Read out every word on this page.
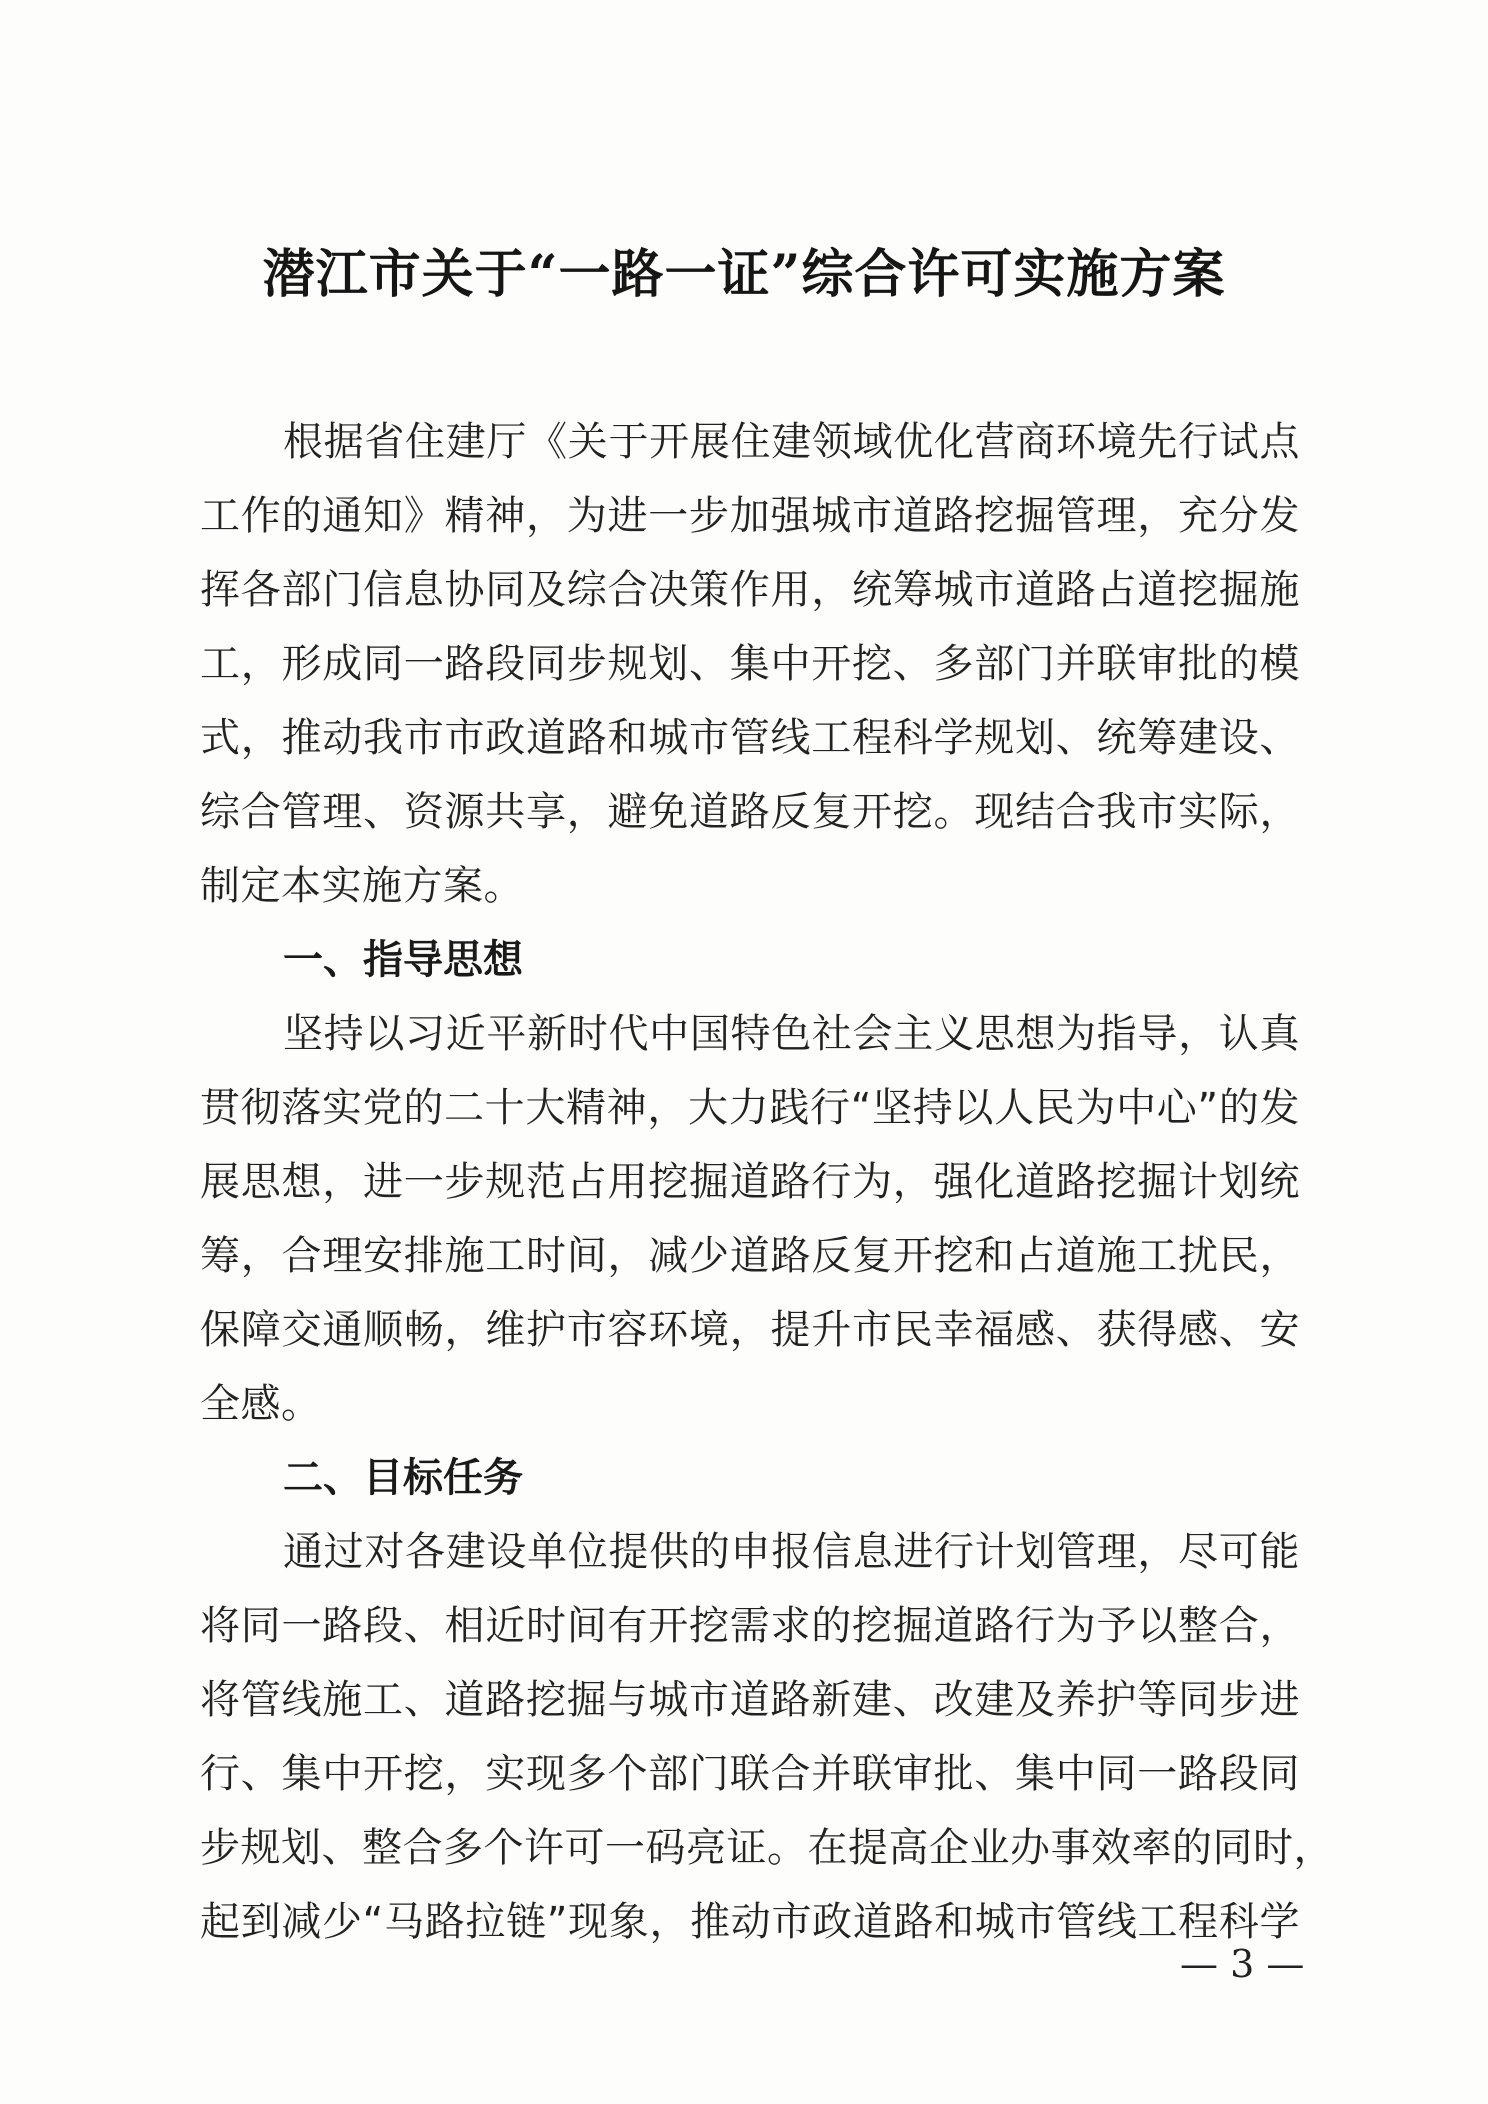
潜江市关于“一路一证”综合许可实施方案
根据省住建厅《关于开展住建领域优化营商环境先行试点
工作的通知》精神，为进一步加强城市道路挖掘管理，充分发
挥各部门信息协同及综合决策作用，统筹城市道路占道挖掘施
工，形成同一路段同步规划、集中开挖、多部门并联审批的模
式，推动我市市政道路和城市管线工程科学规划、统筹建设、
综合管理、资源共享，避免道路反复开挖。现结合我市实际，
制定本实施方案。
一、指导思想
坚持以习近平新时代中国特色社会主义思想为指导，认真
贯彻落实党的二十大精神，大力践行“坚持以人民为中心”的发
展思想，进一步规范占用挖掘道路行为，强化道路挖掘计划统
筹，合理安排施工时间，减少道路反复开挖和占道施工扰民，
保障交通顺畅，维护市容环境，提升市民幸福感、获得感、安
全感。
二、目标任务
通过对各建设单位提供的申报信息进行计划管理，尽可能
将同一路段、相近时间有开挖需求的挖掘道路行为予以整合，
将管线施工、道路挖掘与城市道路新建、改建及养护等同步进
行、集中开挖，实现多个部门联合并联审批、集中同一路段同
步规划、整合多个许可一码亮证。在提高企业办事效率的同时，
起到减少“马路拉链”现象，推动市政道路和城市管线工程科学
— 3 —
